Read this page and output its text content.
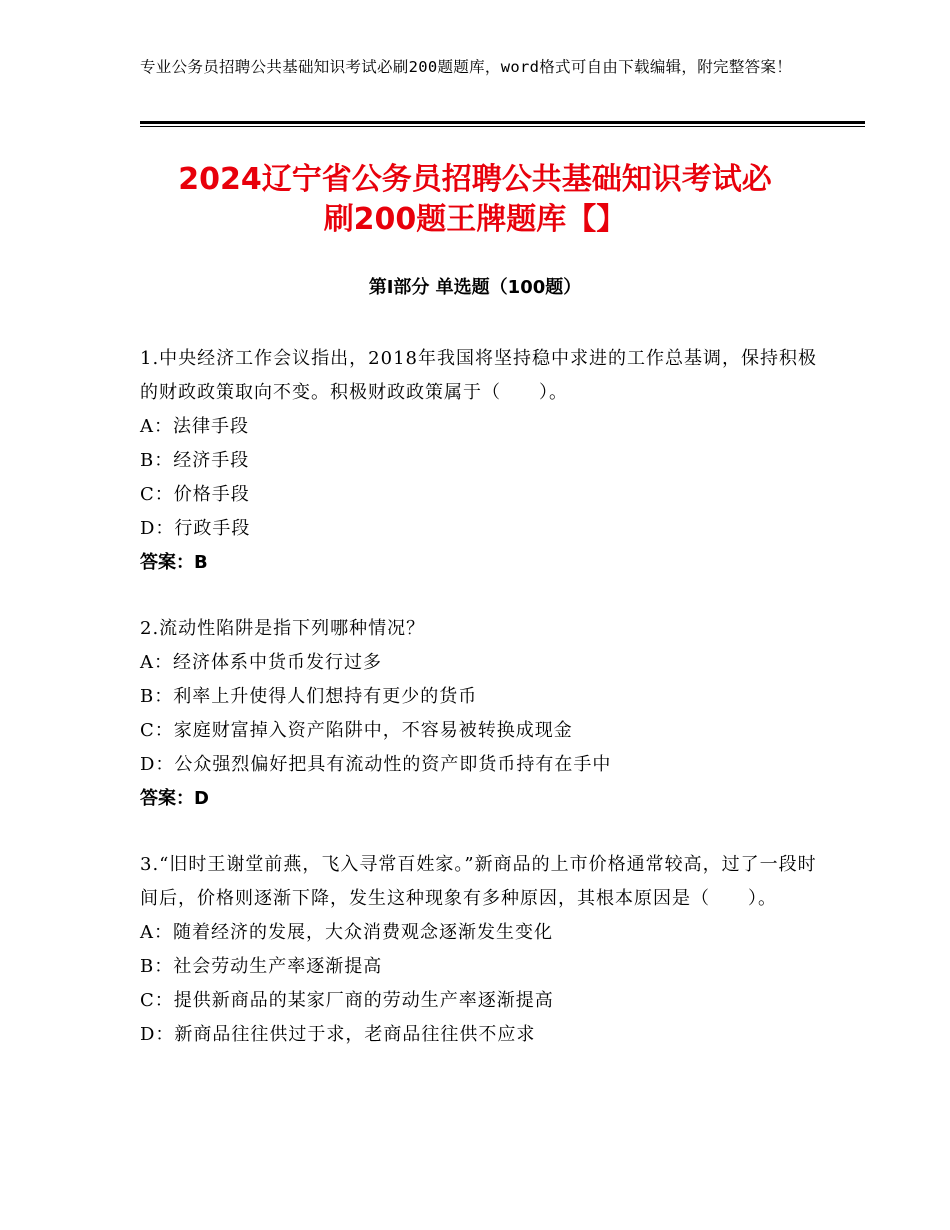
专业公务员招聘公共基础知识考试必刷200题题库，word格式可自由下载编辑，附完整答案！
2024辽宁省公务员招聘公共基础知识考试必
刷200题王牌题库【】
第I部分 单选题（100题）
1.中央经济工作会议指出，2018年我国将坚持稳中求进的工作总基调，保持积极的财政政策取向不变。积极财政政策属于（　　）。
A：法律手段
B：经济手段
C：价格手段
D：行政手段
答案：B
2.流动性陷阱是指下列哪种情况？
A：经济体系中货币发行过多
B：利率上升使得人们想持有更少的货币
C：家庭财富掉入资产陷阱中，不容易被转换成现金
D：公众强烈偏好把具有流动性的资产即货币持有在手中
答案：D
3.“旧时王谢堂前燕，飞入寻常百姓家。”新商品的上市价格通常较高，过了一段时间后，价格则逐渐下降，发生这种现象有多种原因，其根本原因是（　　）。
A：随着经济的发展，大众消费观念逐渐发生变化
B：社会劳动生产率逐渐提高
C：提供新商品的某家厂商的劳动生产率逐渐提高
D：新商品往往供过于求，老商品往往供不应求
